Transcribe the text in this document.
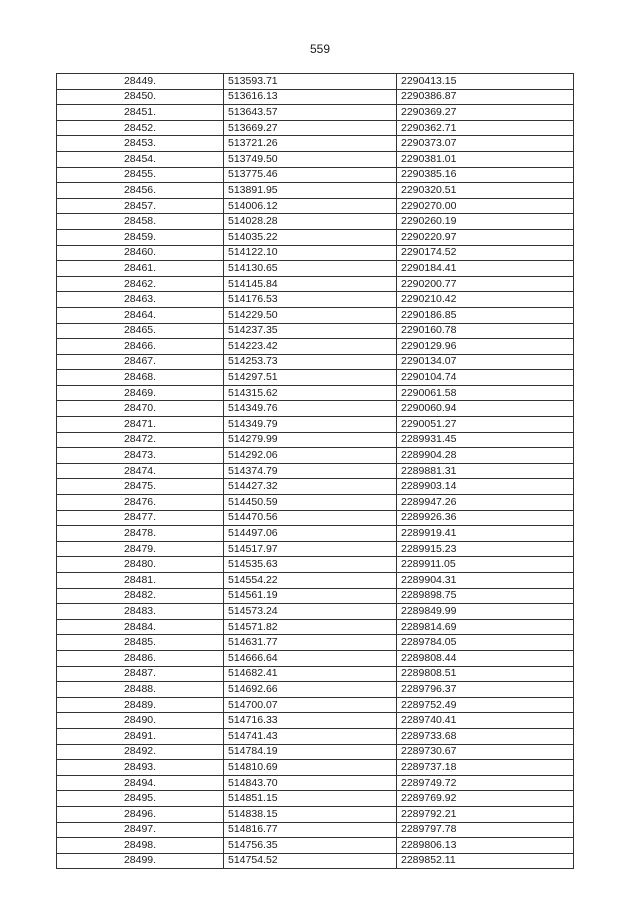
559
28449.	513593.71	2290413.15
28450.	513616.13	2290386.87
28451.	513643.57	2290369.27
28452.	513669.27	2290362.71
28453.	513721.26	2290373.07
28454.	513749.50	2290381.01
28455.	513775.46	2290385.16
28456.	513891.95	2290320.51
28457.	514006.12	2290270.00
28458.	514028.28	2290260.19
28459.	514035.22	2290220.97
28460.	514122.10	2290174.52
28461.	514130.65	2290184.41
28462.	514145.84	2290200.77
28463.	514176.53	2290210.42
28464.	514229.50	2290186.85
28465.	514237.35	2290160.78
28466.	514223.42	2290129.96
28467.	514253.73	2290134.07
28468.	514297.51	2290104.74
28469.	514315.62	2290061.58
28470.	514349.76	2290060.94
28471.	514349.79	2290051.27
28472.	514279.99	2289931.45
28473.	514292.06	2289904.28
28474.	514374.79	2289881.31
28475.	514427.32	2289903.14
28476.	514450.59	2289947.26
28477.	514470.56	2289926.36
28478.	514497.06	2289919.41
28479.	514517.97	2289915.23
28480.	514535.63	2289911.05
28481.	514554.22	2289904.31
28482.	514561.19	2289898.75
28483.	514573.24	2289849.99
28484.	514571.82	2289814.69
28485.	514631.77	2289784.05
28486.	514666.64	2289808.44
28487.	514682.41	2289808.51
28488.	514692.66	2289796.37
28489.	514700.07	2289752.49
28490.	514716.33	2289740.41
28491.	514741.43	2289733.68
28492.	514784.19	2289730.67
28493.	514810.69	2289737.18
28494.	514843.70	2289749.72
28495.	514851.15	2289769.92
28496.	514838.15	2289792.21
28497.	514816.77	2289797.78
28498.	514756.35	2289806.13
28499.	514754.52	2289852.11
